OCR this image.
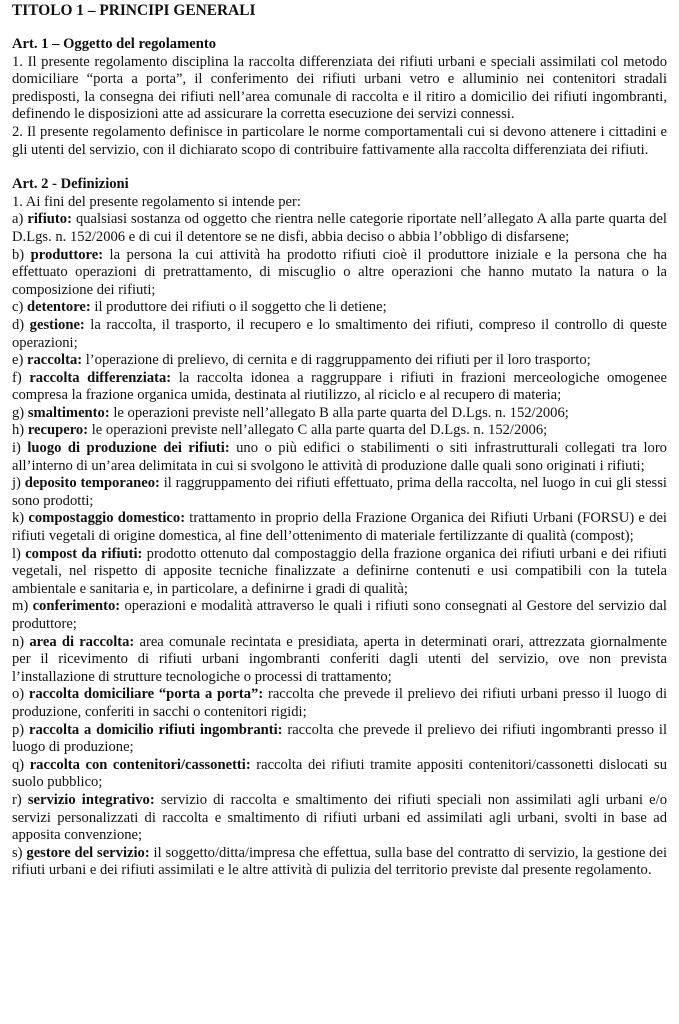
TITOLO 1 – PRINCIPI GENERALI

Art. 1 – Oggetto del regolamento

1. Il presente regolamento disciplina la raccolta differenziata dei rifiuti urbani e speciali assimilati col metodo domiciliare “porta a porta”, il conferimento dei rifiuti urbani vetro e alluminio nei contenitori stradali predisposti, la consegna dei rifiuti nell’area comunale di raccolta e il ritiro a domicilio dei rifiuti ingombranti, definendo le disposizioni atte ad assicurare la corretta esecuzione dei servizi connessi.

2. Il presente regolamento definisce in particolare le norme comportamentali cui si devono attenere i cittadini e gli utenti del servizio, con il dichiarato scopo di contribuire fattivamente alla raccolta differenziata dei rifiuti.

Art. 2 - Definizioni

1. Ai fini del presente regolamento si intende per:

a) rifiuto: qualsiasi sostanza od oggetto che rientra nelle categorie riportate nell’allegato A alla parte quarta del D.Lgs. n. 152/2006 e di cui il detentore se ne disfi, abbia deciso o abbia l’obbligo di disfarsene;

b) produttore: la persona la cui attività ha prodotto rifiuti cioè il produttore iniziale e la persona che ha effettuato operazioni di pretrattamento, di miscuglio o altre operazioni che hanno mutato la natura o la composizione dei rifiuti;

c) detentore: il produttore dei rifiuti o il soggetto che li detiene;

d) gestione: la raccolta, il trasporto, il recupero e lo smaltimento dei rifiuti, compreso il controllo di queste operazioni;

e) raccolta: l’operazione di prelievo, di cernita e di raggruppamento dei rifiuti per il loro trasporto;

f) raccolta differenziata: la raccolta idonea a raggruppare i rifiuti in frazioni merceologiche omogenee compresa la frazione organica umida, destinata al riutilizzo, al riciclo e al recupero di materia;

g) smaltimento: le operazioni previste nell’allegato B alla parte quarta del D.Lgs. n. 152/2006;

h) recupero: le operazioni previste nell’allegato C alla parte quarta del D.Lgs. n. 152/2006;

i) luogo di produzione dei rifiuti: uno o più edifici o stabilimenti o siti infrastrutturali collegati tra loro all’interno di un’area delimitata in cui si svolgono le attività di produzione dalle quali sono originati i rifiuti;

j) deposito temporaneo: il raggruppamento dei rifiuti effettuato, prima della raccolta, nel luogo in cui gli stessi sono prodotti;

k) compostaggio domestico: trattamento in proprio della Frazione Organica dei Rifiuti Urbani (FORSU) e dei rifiuti vegetali di origine domestica, al fine dell’ottenimento di materiale fertilizzante di qualità (compost);

l) compost da rifiuti: prodotto ottenuto dal compostaggio della frazione organica dei rifiuti urbani e dei rifiuti vegetali, nel rispetto di apposite tecniche finalizzate a definirne contenuti e usi compatibili con la tutela ambientale e sanitaria e, in particolare, a definirne i gradi di qualità;

m) conferimento: operazioni e modalità attraverso le quali i rifiuti sono consegnati al Gestore del servizio dal produttore;

n) area di raccolta: area comunale recintata e presidiata, aperta in determinati orari, attrezzata giornalmente per il ricevimento di rifiuti urbani ingombranti conferiti dagli utenti del servizio, ove non prevista l’installazione di strutture tecnologiche o processi di trattamento;

o) raccolta domiciliare “porta a porta”: raccolta che prevede il prelievo dei rifiuti urbani presso il luogo di produzione, conferiti in sacchi o contenitori rigidi;

p) raccolta a domicilio rifiuti ingombranti: raccolta che prevede il prelievo dei rifiuti ingombranti presso il luogo di produzione;

q) raccolta con contenitori/cassonetti: raccolta dei rifiuti tramite appositi contenitori/cassonetti dislocati su suolo pubblico;

r) servizio integrativo: servizio di raccolta e smaltimento dei rifiuti speciali non assimilati agli urbani e/o servizi personalizzati di raccolta e smaltimento di rifiuti urbani ed assimilati agli urbani, svolti in base ad apposita convenzione;

s) gestore del servizio: il soggetto/ditta/impresa che effettua, sulla base del contratto di servizio, la gestione dei rifiuti urbani e dei rifiuti assimilati e le altre attività di pulizia del territorio previste dal presente regolamento.
